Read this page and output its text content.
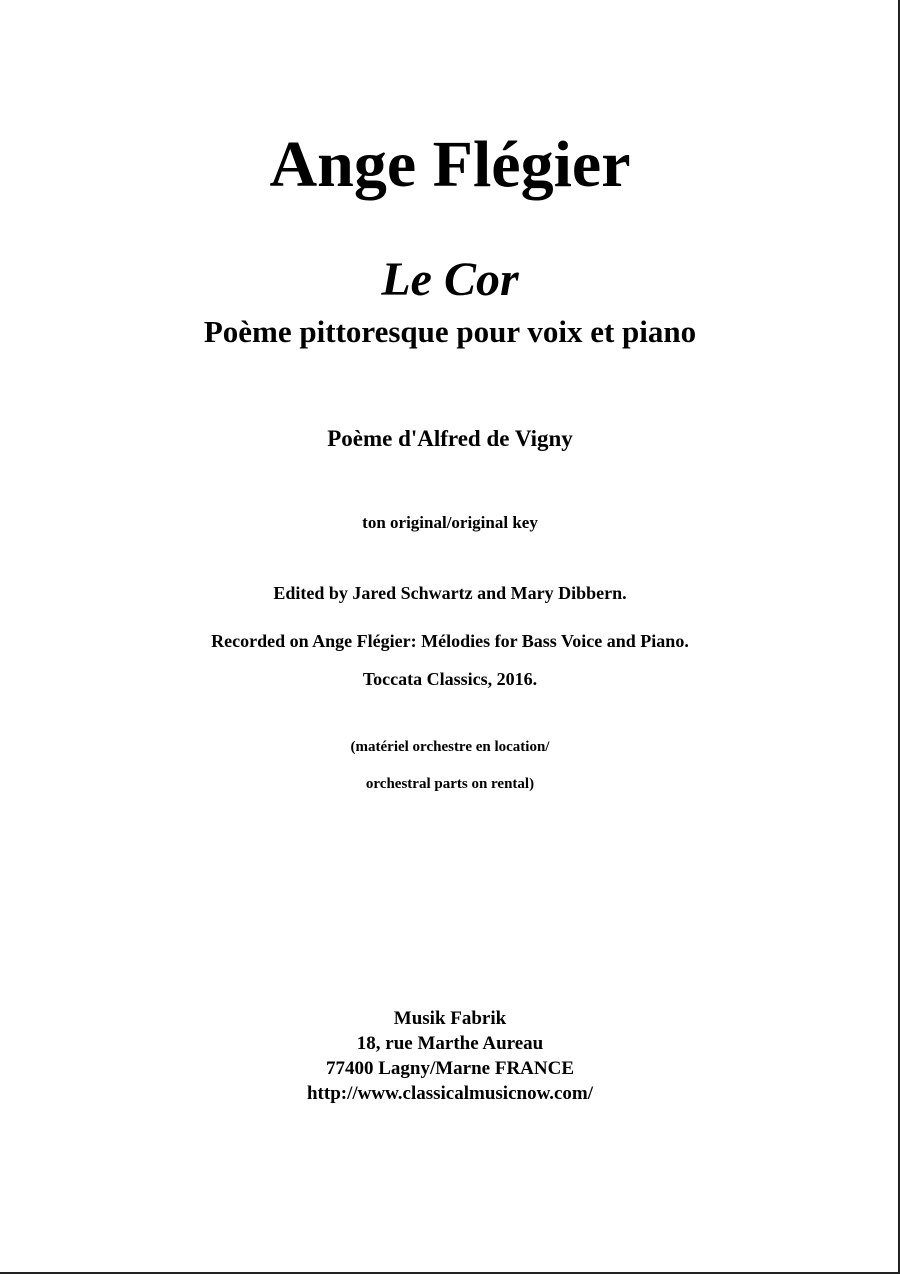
Ange Flégier
Le Cor
Poème pittoresque pour voix et piano
Poème d'Alfred de Vigny
ton original/original key
Edited by Jared Schwartz and Mary Dibbern.
Recorded on Ange Flégier: Mélodies for Bass Voice and Piano.
Toccata Classics, 2016.
(matériel orchestre en location/
orchestral parts on rental)
Musik Fabrik
18, rue Marthe Aureau
77400 Lagny/Marne FRANCE
http://www.classicalmusicnow.com/
